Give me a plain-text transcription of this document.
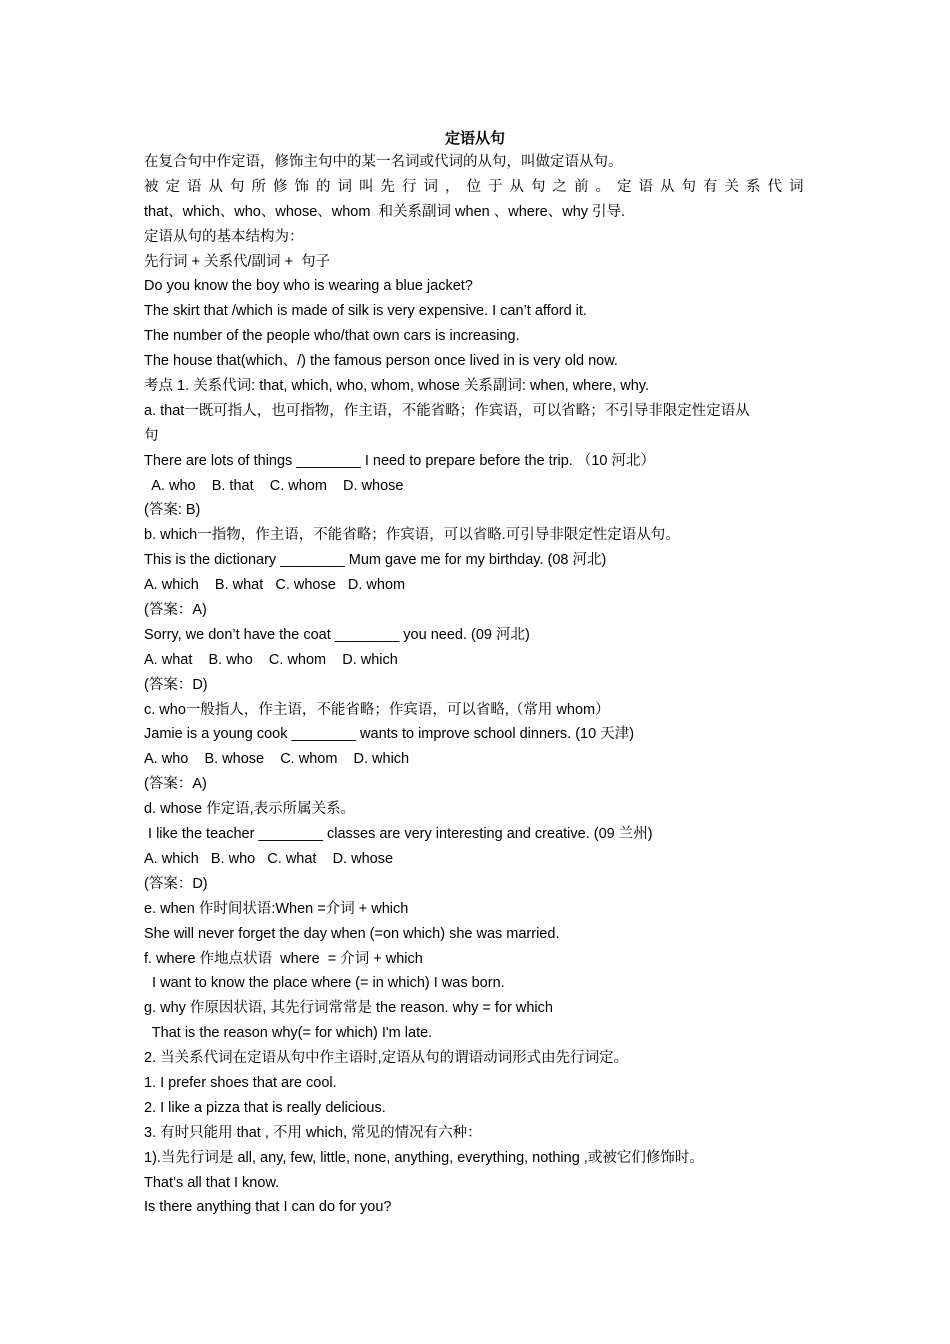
定语从句
在复合句中作定语，修饰主句中的某一名词或代词的从句，叫做定语从句。
被定语从句所修饰的词叫先行词，位于从句之前。定语从句有关系代词
that、which、who、whose、whom  和关系副词 when 、where、why 引导.
定语从句的基本结构为：
先行词 + 关系代/副词 +  句子
Do you know the boy who is wearing a blue jacket?
The skirt that /which is made of silk is very expensive. I can’t afford it.
The number of the people who/that own cars is increasing.
The house that(which、/) the famous person once lived in is very old now.
考点 1. 关系代词: that, which, who, whom, whose 关系副词: when, where, why.
a. that一既可指人，也可指物，作主语，不能省略；作宾语，可以省略；不引导非限定性定语从
句
There are lots of things ________ I need to prepare before the trip. （10 河北）
A. who    B. that    C. whom    D. whose
(答案: B)
b. which一指物，作主语，不能省略；作宾语，可以省略.可引导非限定性定语从句。
This is the dictionary ________ Mum gave me for my birthday. (08 河北)
A. which    B. what   C. whose   D. whom
(答案：A)
Sorry, we don’t have the coat ________ you need. (09 河北)
A. what    B. who    C. whom    D. which
(答案：D)
c. who一般指人，作主语，不能省略；作宾语，可以省略,（常用 whom）
Jamie is a young cook ________ wants to improve school dinners. (10 天津)
A. who    B. whose    C. whom    D. which
(答案：A)
d. whose 作定语,表示所属关系。
I like the teacher ________ classes are very interesting and creative. (09 兰州)
A. which   B. who   C. what    D. whose
(答案：D)
e. when 作时间状语:When =介词 + which
She will never forget the day when (=on which) she was married.
f. where 作地点状语  where  = 介词 + which
I want to know the place where (= in which) I was born.
g. why 作原因状语, 其先行词常常是 the reason. why = for which
That is the reason why(= for which) I'm late.
2. 当关系代词在定语从句中作主语时,定语从句的谓语动词形式由先行词定。
1. I prefer shoes that are cool.
2. I like a pizza that is really delicious.
3. 有时只能用 that , 不用 which, 常见的情况有六种：
1).当先行词是 all, any, few, little, none, anything, everything, nothing ,或被它们修饰时。
That’s all that I know.
Is there anything that I can do for you?
